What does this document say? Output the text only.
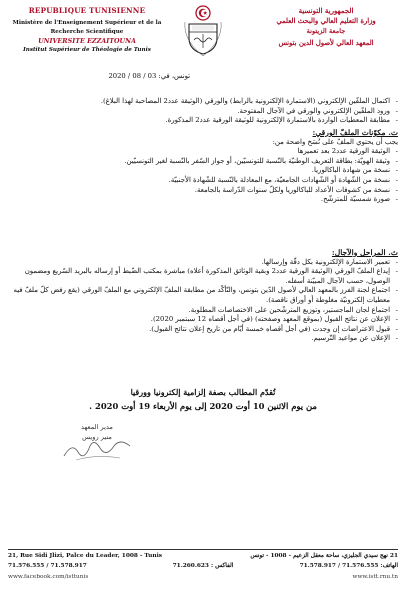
REPUBLIQUE TUNISIENNE
Ministère de l'Enseignement Supérieur et de la
Recherche Scientifique
UNIVERSITE EZZAITOUNA
Institut Supérieur de Théologie de Tunis
الجمهورية التونسية
وزارة التعليم العالي والبحث العلمي
جامعة الزيتونة
المعهد العالي لأصول الدين بتونس
تونس، في: 03 / 08 / 2020
- اكتمال الملفّين الإلكتروني (الاستمارة الإلكترونية بالرابط) والورقي (الوثيقة عدد2 المصاحبة لهذا البلاغ).
- ورود الملفّين الإلكتروني والورقي في الآجال المفتوحة.
- مطابقة المعطيات الواردة بالاستمارة الإلكترونية للوثيقة الورقية عدد2 المذكورة.
ت. مكوّنات الملفّ الورقي:
يجب أن يحتوي الملفّ على نُسَخ واضحة من:
- الوثيقة الورقية عدد2 بعد تعميرها
- وثيقة الهويّة: بطاقة التعريف الوطنيّة بالنّسبة للتونسيّين، أو جواز السّفر بالنّسبة لغير التونسيّين.
- نسخة من شهادة الباكالوريا.
- نسخة من الشّهادة أو الشّهادات الجامعيّة، مع المعادلة بالنّسبة للشّهادة الأجنبيّة.
- نسخة من كشوفات الأعداد للباكالوريا ولكلّ سنوات الدّراسة بالجامعة.
- صورة شمسيّة للمترشّح.
ث. المراحل والآجال:
- تعمير الاستمارة الإلكترونية بكل دقّة وإرسالها.
- إيداع الملفّ الورقي (الوثيقة الورقية عدد2 وبقية الوثائق المذكورة أعلاه) مباشرة بمكتب الضّبط أو إرساله بالبريد السّريع ومضمون الوصول، حسب الآجال المبيّنة أسفله.
- اجتماع لجنة الفرز بالمعهد العالي لأصول الدّين بتونس، والتّأكّد من مطابقة الملفّ الإلكتروني مع الملفّ الورقي (يقع رفض كلّ ملفّ فيه معطيات إلكترونيّة مغلوطة أو أوراق ناقصة).
- اجتماع لجان الماجستير، وتوزيع المترشّحين على الاختصاصات المطلوبة.
- الإعلان عن نتائج القبول (بموقع المعهد وصفحته) (في أجل أقصاه 12 سبتمبر 2020).
- قبول الاعتراضات إن وجدت (في أجل أقصاه خمسة أيّام من تاريخ إعلان نتائج القبول).
- الإعلان عن مواعيد التّرسيم.
تُقدّم المطالب بصفة إلزامية إلكترونيا وورقيا
من يوم الاثنين 10 أوت 2020 إلى يوم الأربعاء 19 أوت 2020 .
مدير المعهد
منير رويس
21, Rue Sidi Jlizi, Palce du Leader, 1008 - Tunis	21 نهج سيدي الجليزي، ساحة معقل الزعيم - 1008 - تونس
71.576.555 / 71.578.917	الفاكس : 71.260.623	الهاتف: 71.576.555 / 71.578.917
www.facebook.com/isttunis	www.istt.rnu.tn
